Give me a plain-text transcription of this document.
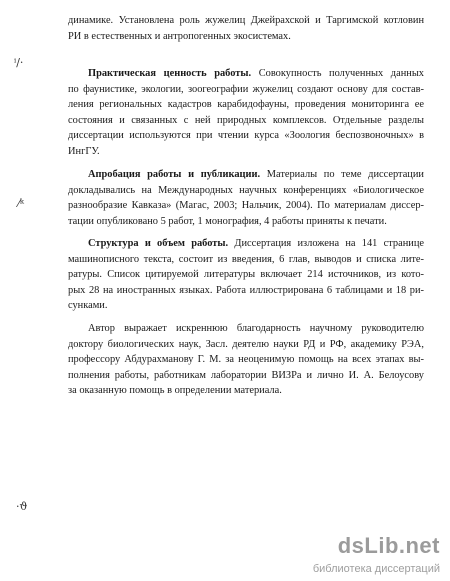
ⁱ/·
⁄ᵏ
·ϑ

динамике. Установлена роль жужелиц Джейрахской и Таргимской котловин
РИ в естественных и антропогенных экосистемах.

Практическая ценность работы. Совокупность полученных данных
по фаунистике, экологии, зоогеографии жужелиц создают основу для состав-
ления региональных кадастров карабидофауны, проведения мониторинга ее
состояния и связанных с ней природных комплексов. Отдельные разделы
диссертации используются при чтении курса «Зоология беспозвоночных» в
ИнгГУ.

Апробация работы и публикации. Материалы по теме диссертации
докладывались на Международных научных конференциях «Биологическое
разнообразие Кавказа» (Магас, 2003; Нальчик, 2004). По материалам диссер-
тации опубликовано 5 работ, 1 монография, 4 работы приняты к печати.

Структура и объем работы. Диссертация изложена на 141 странице
машинописного текста, состоит из введения, 6 глав, выводов и списка лите-
ратуры. Список цитируемой литературы включает 214 источников, из кото-
рых 28 на иностранных языках. Работа иллюстрирована 6 таблицами и 18 ри-
сунками.

Автор выражает искреннюю благодарность научному руководителю
доктору биологических наук, Засл. деятелю науки РД и РФ, академику РЭА,
профессору Абдурахманову Г. М. за неоценимую помощь на всех этапах вы-
полнения работы, работникам лаборатории ВИЗРа и лично И. А. Белоусову
за оказанную помощь в определении материала.

dsLib.net
библиотека диссертаций
